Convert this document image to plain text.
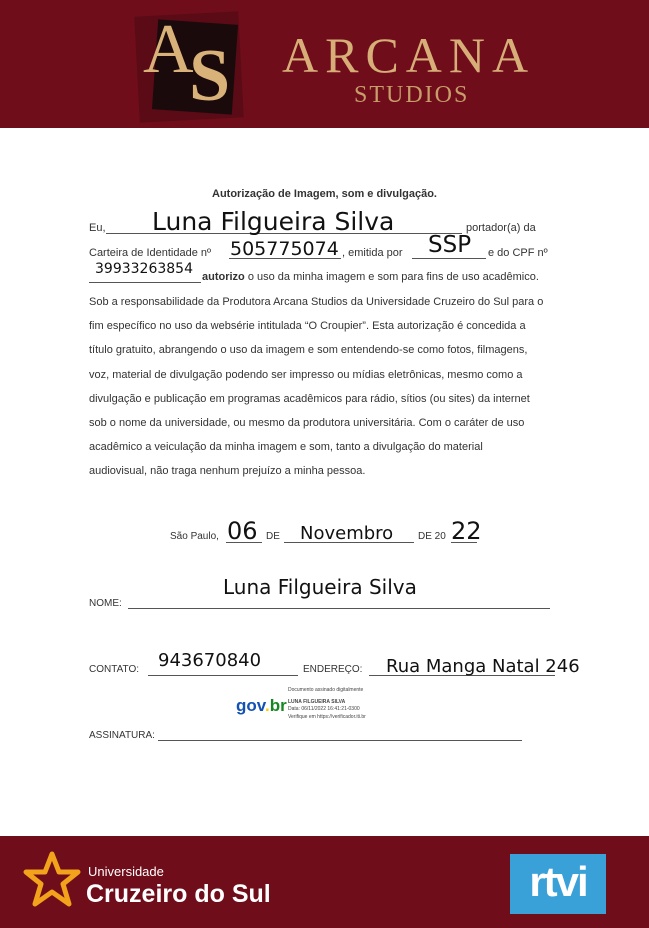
A
S ARCANA
STUDIOS
Autorização de Imagem, som e divulgação.
Eu, Luna Filgueira Silva	portador(a) da
Carteira de Identidade nº 505775074 , emitida por SSP e do CPF nº
39933263854 autorizo o uso da minha imagem e som para fins de uso acadêmico.
Sob a responsabilidade da Produtora Arcana Studios da Universidade Cruzeiro do Sul para o
fim específico no uso da websérie intitulada “O Croupier”. Esta autorização é concedida a
título gratuito, abrangendo o uso da imagem e som entendendo-se como fotos, filmagens,
voz, material de divulgação podendo ser impresso ou mídias eletrônicas, mesmo como a
divulgação e publicação em programas acadêmicos para rádio, sítios (ou sites) da internet
sob o nome da universidade, ou mesmo da produtora universitária. Com o caráter de uso
acadêmico a veiculação da minha imagem e som, tanto a divulgação do material
audiovisual, não traga nenhum prejuízo a minha pessoa.
São Paulo, 06 DE Novembro DE 20 22
Luna Filgueira Silva
NOME:
CONTATO: 943670840	ENDEREÇO: Rua Manga Natal 246
gov.br
Documento assinado digitalmente
LUNA FILGUEIRA SILVA
Data: 06/11/2022 16:41:21-0300
Verifique em https://verificador.iti.br
ASSINATURA:
Universidade
Cruzeiro do Sul	rtvi
